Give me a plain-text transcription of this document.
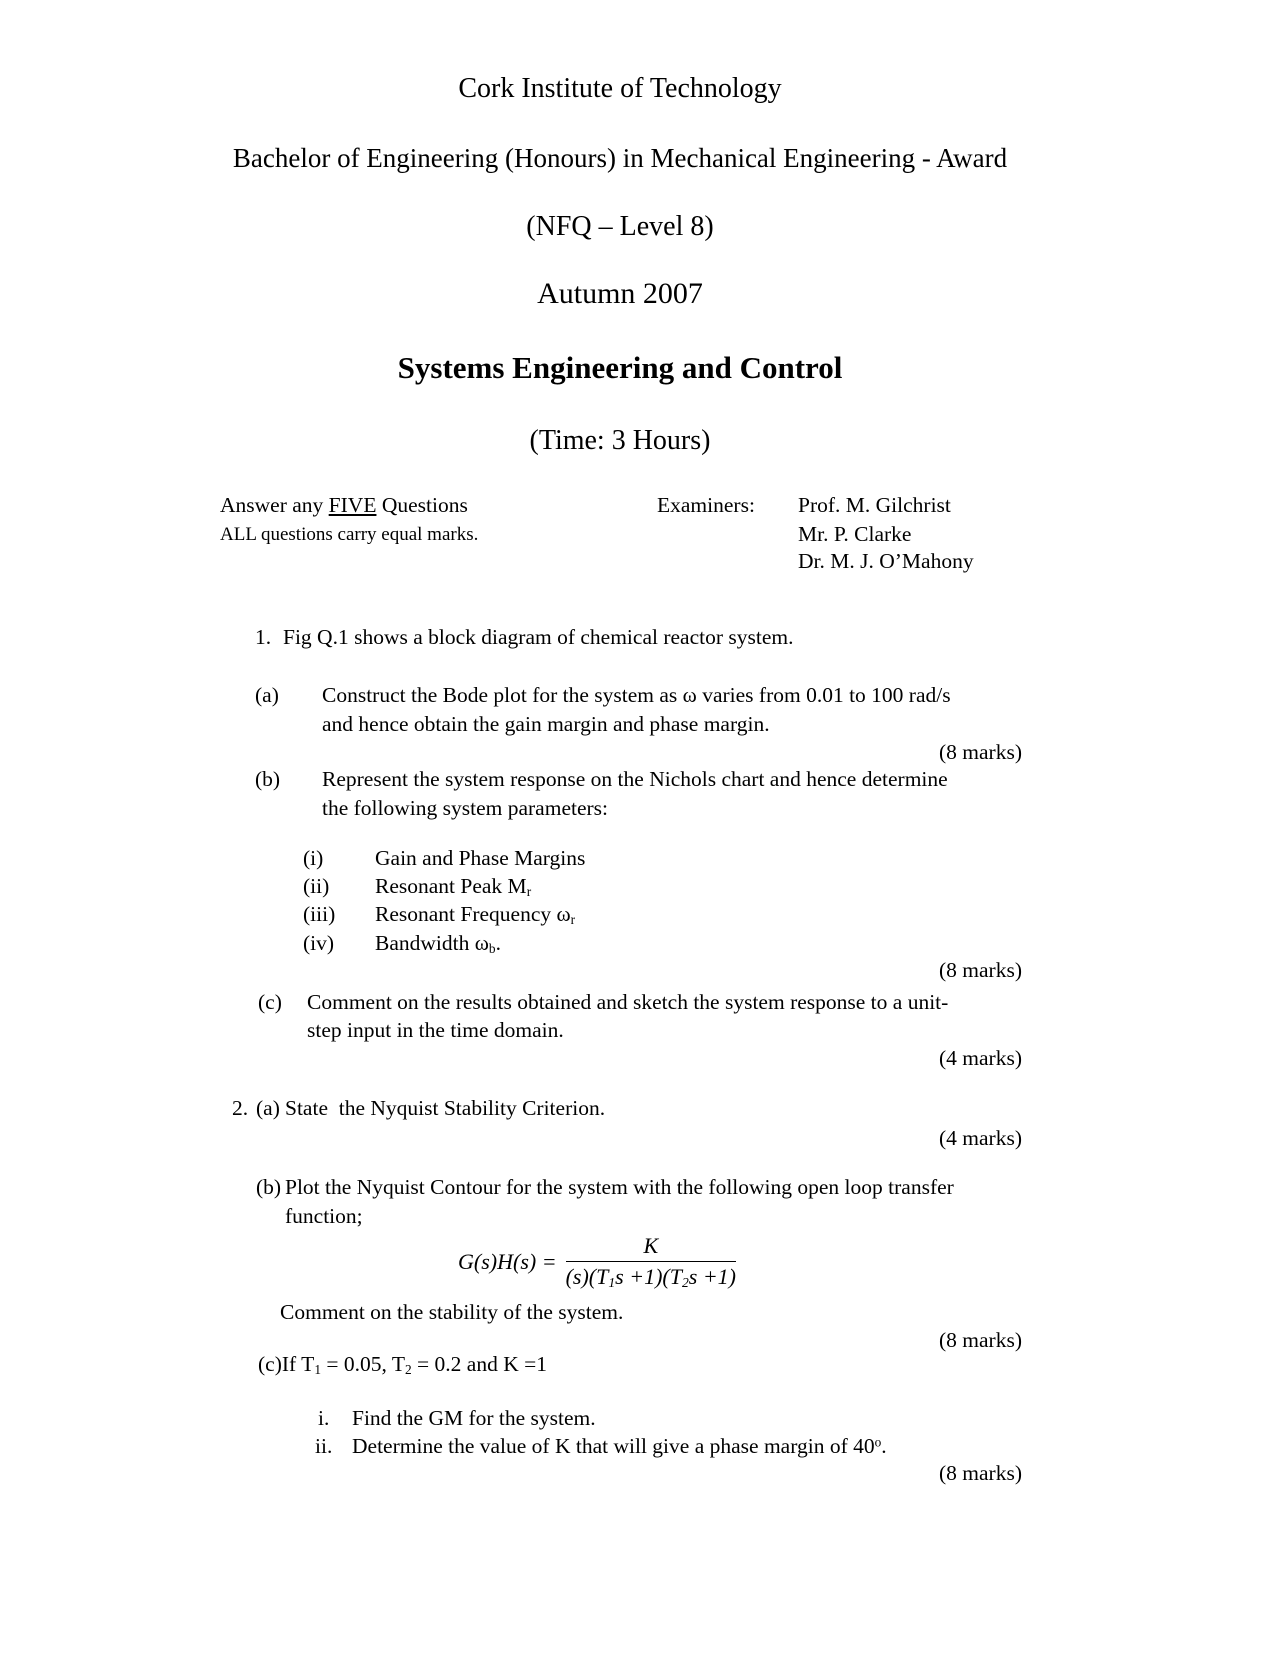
Cork Institute of Technology
Bachelor of Engineering (Honours) in Mechanical Engineering - Award
(NFQ – Level 8)
Autumn 2007
Systems Engineering and Control
(Time: 3 Hours)
Answer any FIVE Questions
ALL questions carry equal marks.
Examiners: Prof. M. Gilchrist
Mr. P. Clarke
Dr. M. J. O’Mahony
1. Fig Q.1 shows a block diagram of chemical reactor system.
(a) Construct the Bode plot for the system as ω varies from 0.01 to 100 rad/s
and hence obtain the gain margin and phase margin.
(8 marks)
(b) Represent the system response on the Nichols chart and hence determine
the following system parameters:
(i) Gain and Phase Margins
(ii) Resonant Peak $M_r$
(iii) Resonant Frequency $\omega_r$
(iv) Bandwidth $\omega_b$.
(8 marks)
(c) Comment on the results obtained and sketch the system response to a unit-
step input in the time domain.
(4 marks)
2. (a) State  the Nyquist Stability Criterion.
(4 marks)
(b) Plot the Nyquist Contour for the system with the following open loop transfer
function;
$G(s)H(s) = \frac{K}{(s)(T_1s +1)(T_2s +1)}$
Comment on the stability of the system.
(8 marks)
(c)If $T_1 = 0.05$, $T_2 = 0.2$ and K =1
i. Find the GM for the system.
ii. Determine the value of K that will give a phase margin of 40$^o$.
(8 marks)
